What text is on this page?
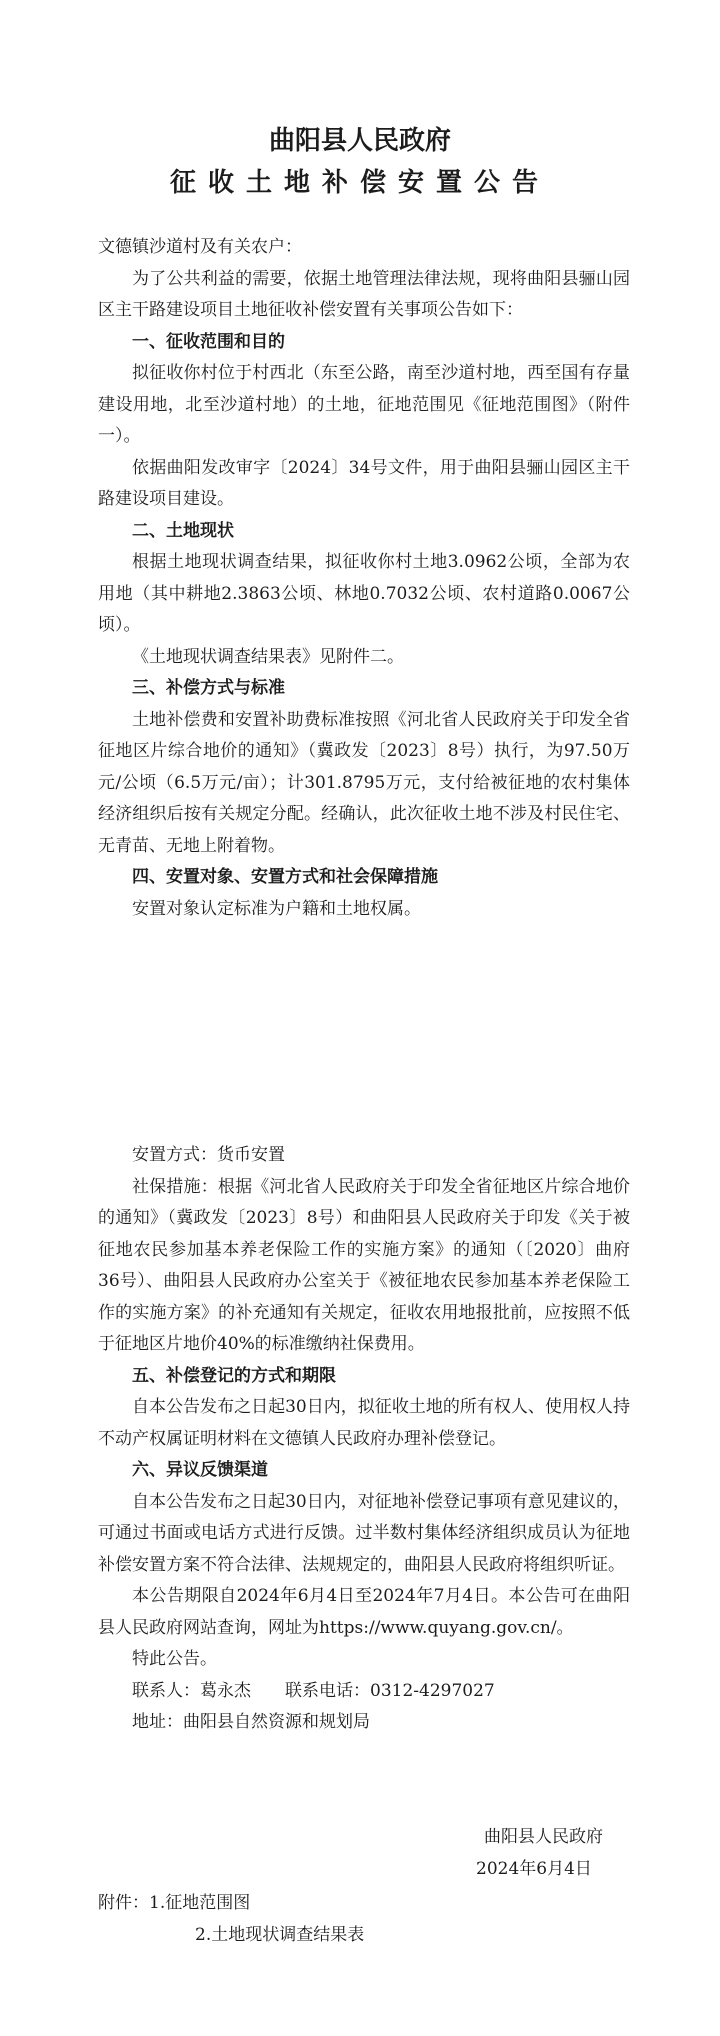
曲阳县人民政府
征收土地补偿安置公告

文德镇沙道村及有关农户：

为了公共利益的需要，依据土地管理法律法规，现将曲阳县骊山园区主干路建设项目土地征收补偿安置有关事项公告如下：

一、征收范围和目的

拟征收你村位于村西北（东至公路，南至沙道村地，西至国有存量建设用地，北至沙道村地）的土地，征地范围见《征地范围图》（附件一）。

依据曲阳发改审字〔2024〕34号文件，用于曲阳县骊山园区主干路建设项目建设。

二、土地现状

根据土地现状调查结果，拟征收你村土地3.0962公顷，全部为农用地（其中耕地2.3863公顷、林地0.7032公顷、农村道路0.0067公顷）。

《土地现状调查结果表》见附件二。

三、补偿方式与标准

土地补偿费和安置补助费标准按照《河北省人民政府关于印发全省征地区片综合地价的通知》（冀政发〔2023〕8号）执行，为97.50万元/公顷（6.5万元/亩）；计301.8795万元，支付给被征地的农村集体经济组织后按有关规定分配。经确认，此次征收土地不涉及村民住宅、无青苗、无地上附着物。

四、安置对象、安置方式和社会保障措施

安置对象认定标准为户籍和土地权属。

安置方式：货币安置

社保措施：根据《河北省人民政府关于印发全省征地区片综合地价的通知》（冀政发〔2023〕8号）和曲阳县人民政府关于印发《关于被征地农民参加基本养老保险工作的实施方案》的通知（〔2020〕曲府36号）、曲阳县人民政府办公室关于《被征地农民参加基本养老保险工作的实施方案》的补充通知有关规定，征收农用地报批前，应按照不低于征地区片地价40%的标准缴纳社保费用。

五、补偿登记的方式和期限

自本公告发布之日起30日内，拟征收土地的所有权人、使用权人持不动产权属证明材料在文德镇人民政府办理补偿登记。

六、异议反馈渠道

自本公告发布之日起30日内，对征地补偿登记事项有意见建议的，可通过书面或电话方式进行反馈。过半数村集体经济组织成员认为征地补偿安置方案不符合法律、法规规定的，曲阳县人民政府将组织听证。

本公告期限自2024年6月4日至2024年7月4日。本公告可在曲阳县人民政府网站查询，网址为https://www.quyang.gov.cn/。

特此公告。

联系人：葛永杰　　联系电话：0312-4297027

地址：曲阳县自然资源和规划局

曲阳县人民政府
2024年6月4日
附件：1.征地范围图
2.土地现状调查结果表
